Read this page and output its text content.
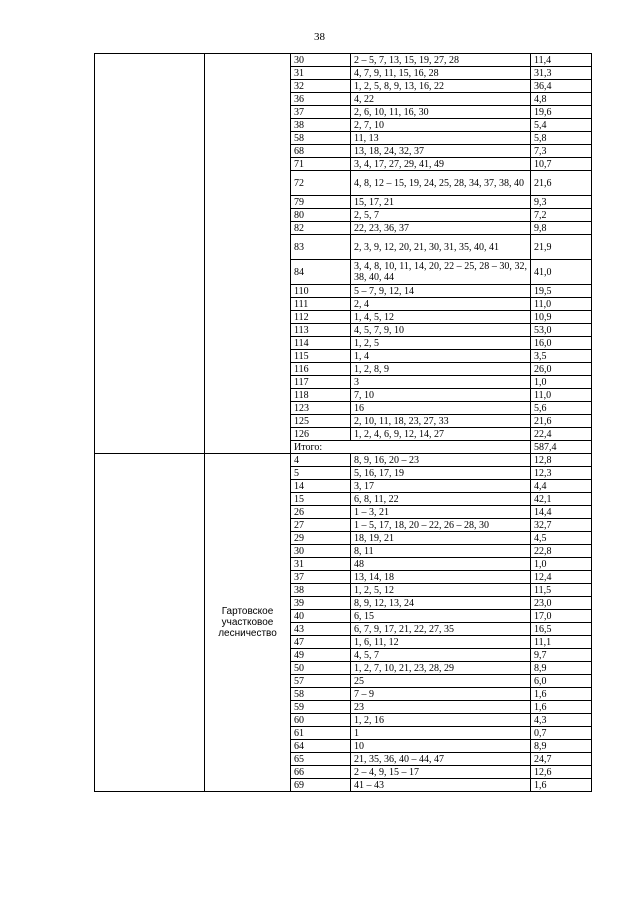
38
		30	2 – 5, 7, 13, 15, 19, 27, 28	11,4
		31	4, 7, 9, 11, 15, 16, 28	31,3
		32	1, 2, 5, 8, 9, 13, 16, 22	36,4
		36	4, 22	4,8
		37	2, 6, 10, 11, 16, 30	19,6
		38	2, 7, 10	5,4
		58	11, 13	5,8
		68	13, 18, 24, 32, 37	7,3
		71	3, 4, 17, 27, 29, 41, 49	10,7
		72	4, 8, 12 – 15, 19, 24, 25, 28, 34, 37, 38, 40	21,6
		79	15, 17, 21	9,3
		80	2, 5, 7	7,2
		82	22, 23, 36, 37	9,8
		83	2, 3, 9, 12, 20, 21, 30, 31, 35, 40, 41	21,9
		84	3, 4, 8, 10, 11, 14, 20, 22 – 25, 28 – 30, 32, 38, 40, 44	41,0
		110	5 – 7, 9, 12, 14	19,5
		111	2, 4	11,0
		112	1, 4, 5, 12	10,9
		113	4, 5, 7, 9, 10	53,0
		114	1, 2, 5	16,0
		115	1, 4	3,5
		116	1, 2, 8, 9	26,0
		117	3	1,0
		118	7, 10	11,0
		123	16	5,6
		125	2, 10, 11, 18, 23, 27, 33	21,6
		126	1, 2, 4, 6, 9, 12, 14, 27	22,4
		Итого:		587,4
	Гартовское участковое лесничество	4	8, 9, 16, 20 – 23	12,8
		5	5, 16, 17, 19	12,3
		14	3, 17	4,4
		15	6, 8, 11, 22	42,1
		26	1 – 3, 21	14,4
		27	1 – 5, 17, 18, 20 – 22, 26 – 28, 30	32,7
		29	18, 19, 21	4,5
		30	8, 11	22,8
		31	48	1,0
		37	13, 14, 18	12,4
		38	1, 2, 5, 12	11,5
		39	8, 9, 12, 13, 24	23,0
		40	6, 15	17,0
		43	6, 7, 9, 17, 21, 22, 27, 35	16,5
		47	1, 6, 11, 12	11,1
		49	4, 5, 7	9,7
		50	1, 2, 7, 10, 21, 23, 28, 29	8,9
		57	25	6,0
		58	7 – 9	1,6
		59	23	1,6
		60	1, 2, 16	4,3
		61	1	0,7
		64	10	8,9
		65	21, 35, 36, 40 – 44, 47	24,7
		66	2 – 4, 9, 15 – 17	12,6
		69	41 – 43	1,6
